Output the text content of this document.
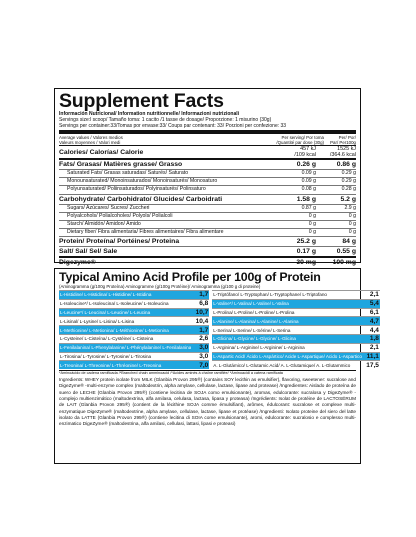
Supplement Facts
Información Nutricional/ Information nutritionnelle/ Informazioni nutrizionali
Servings size:l scoop/ Tamaño toma: 1 cacito /1 tasse de dosage/ Proporzione: 1 misurino (30g)
Servings per container:33/Tomas por envase:33/ Coups par contenant: 33/ Porzioni per confezione: 33
Average values / Valores medios
Valeurs moyennes / Valori medi
Per serving/ Por toma
/Quantité par dose (30g)
Per/ Por/
Par/ Per100g
Calories/ Calorías/ Calorie	457 kJ
/109 kcal
1525 kJ
/364.6 kcal
Fats/ Grasas/ Matières grasse/ Grasso	0.26 g	0.86 g
Saturated Fats/ Grasas saturadas/ Saturés/ Saturato	0.09 g	0.29 g
Monounsaturated/ Monoinsaturados/ Monoinsaturés/ Monosaturo	0.09 g	0.29 g
Polyunsaturated/ Poliinsaturados/ Polyinsaturés/ Polinsaturo	0.08 g	0.28 g
Carbohydrate/ Carbohidrato/ Glucides/ Carboidrati	1.58 g	5.2 g
Sugars/ Azúcares/ Sucres/ Zuccheri	0.87 g	2.9 g
Polyalcohols/ Polialcoholes/ Polyols/ Polialcoli	0 g	0 g
Starch/ Almidón/ Amidon/ Amido	0 g	0 g
Dietary fiber/ Fibra alimentaria/ Fibres alimentaires/ Fibra alimentare	0 g	0 g
Protein/ Proteína/ Portéines/ Proteina	25.2 g	84 g
Salt/ Sal/ Sel/ Sale	0.17 g	0.55 g
Digezyme®	30 mg	100 mg
Typical Amino Acid Profile per 100g of Protein
(Aminogramma (g/100g Proteína) Aminogramme (g/100g Protéine)/ Aminogramma (g/100 g di proteine)
L-Histidine/ L-Histidina/ L-Histidine/ L-Istidina	1,7
L-Isoleucine*/ L-Isoleucina/ L-Isoleucine/ L-Isoleucina	6,8
L-Leucine*/ L-Leucina/ L-Leucine/ L-Leucina	10,7
L-Lisinal/ L-Lysine/ L-Lisina/ L-Lisina	10,4
L-Methionine/ L-Metionina/ L-Méthionine/ L-Metionina	1,7
L-Cysteine/ L-Cisteína/ L-Cystéine/ L-Cisteina	2,6
L-Fenilalanina/ L-Phenylalanine/ L-Phénylalanine/ L-Fenilalanina	3,0
L-Tirosina/ L-Tyrosine/ L-Tyrosine/ L-Tirosina	3,0
L-Treonina/ L-Threonine/ L-Thréonine/ L-Treonina	7,0
L-Triptófano/ L-Tryptophan/ L-Tryptophane/ L-Triptofano	2,1
L-Valine*/ L-Valina/ L-Valine/ L-Valina	5,4
L-Prolina/ L-Proline/ L-Proline/ L-Prolina	6,1
L-Alanine/ L-Alanina/ L-Alanine/ L-Alanina	4,7
L-Serina/ L-Serine/ L-Sérine/ L-Serina	4,4
L-Glicina/ L-Glycine/ L-Glycine/ L-Glicina	1,8
L-Arginina/ L-Arginine/ L-Arginine/ L-Arginina	2,1
L-Aspartic Acid/ Ácido L-Aspártico/ Acide L-Aspartique/ Acido L-Aspartico 11,1
A. L-Glutámico/ L-Glutamic Acid/ A. L-Glutamique/ A. L-Glutammico	17,5
*Aminoácido de cadena ramificada /*Branched chain amminoacid /*Acides aminés à chaîne ramifiée/ *Aminoacidi a catena ramificata
Ingredients: WHEY protein isolate from MILK (Glanbia Provon 295®) (contains SOY lecithin as emulsifier), flavoring, sweetener: sucralose and DigeZyme® -multi-enzyme complex (maltodextrin, alpha amylase, cellulase, lactase, lipase and protease) /Ingredientes: Aislado de proteína de suero de LECHE (Glanbia Provon 295®) (contiene lecitina de SOJA como emulsionante), aromas, edulcorante: sucralosa y DigeZyme® -complejo multienzimático (maltodextrina, alfa amilasa, celulasa, lactasa, lipasa y proteasa) /Ingrédients: Isolat de protéine de LACTOSÉRUM de LAIT (Glanbia Provon 295®) (contient de la lécithine SOJA comme émulsifiant), arômes, édulcorant: sucralose et complexe multi-enzymatique DigeZyme® (maltodextrine, alpha amylase, cellulase, lactase, lipase et protéase) /Ingredienti: Isolato proteine del siero del latte isolato da LATTE (Glanbia Provon 295®) (contiene lecitina di SOIA come emulsionante), aromi, edulcorante: sucralosio e complesso multi-enzimatico DigeZyme® (maltodestrina, alfa amilasi, cellulasi, lattasi, lipasi e proteasi)
